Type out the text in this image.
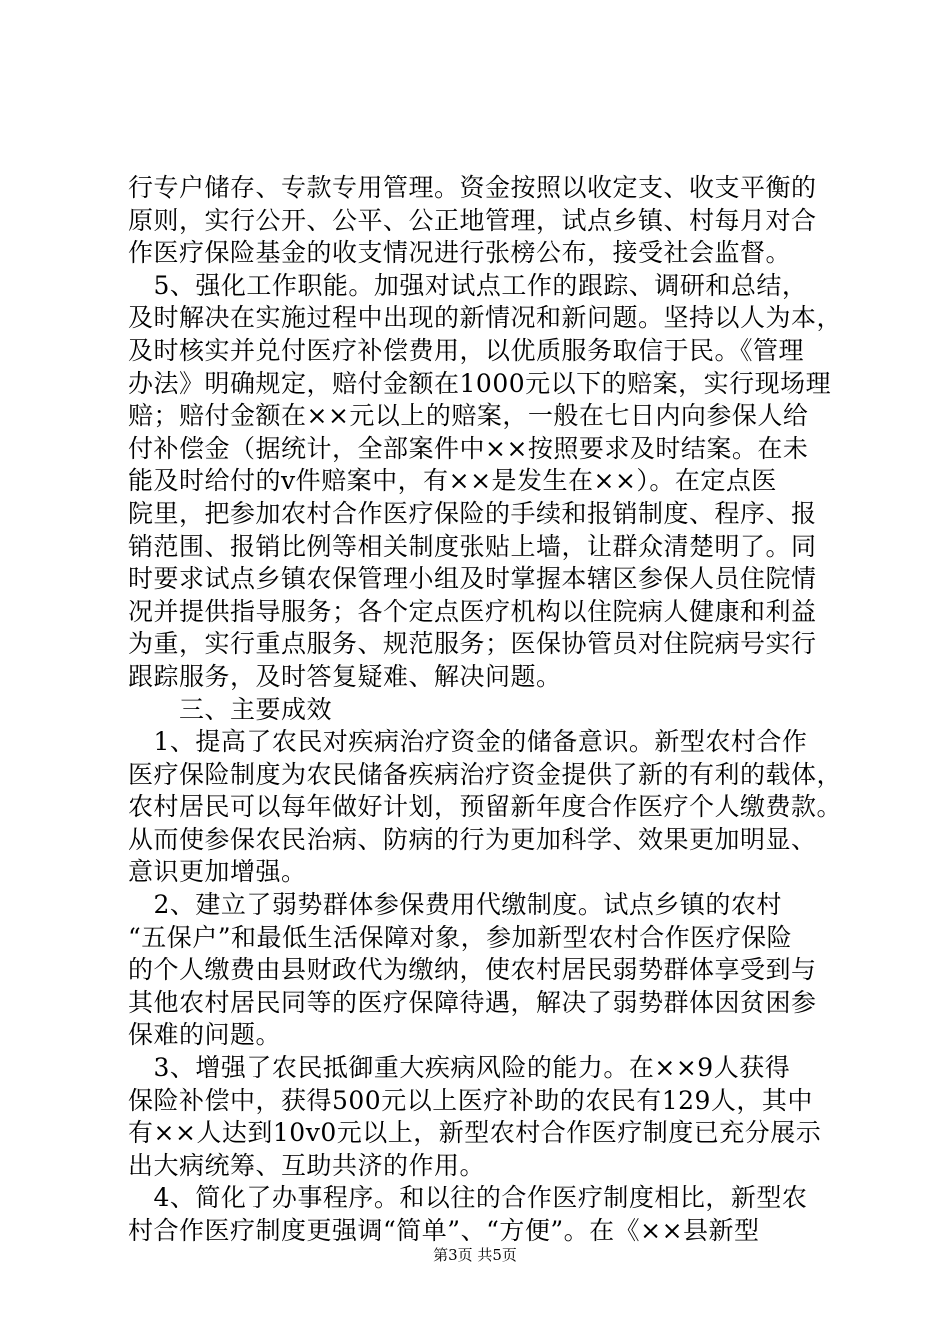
行专户储存、专款专用管理。资金按照以收定支、收支平衡的
原则，实行公开、公平、公正地管理，试点乡镇、村每月对合
作医疗保险基金的收支情况进行张榜公布，接受社会监督。
　5、强化工作职能。加强对试点工作的跟踪、调研和总结，
及时解决在实施过程中出现的新情况和新问题。坚持以人为本，
及时核实并兑付医疗补偿费用，以优质服务取信于民。《管理
办法》明确规定，赔付金额在1000元以下的赔案，实行现场理
赔；赔付金额在××元以上的赔案，一般在七日内向参保人给
付补偿金（据统计，全部案件中××按照要求及时结案。在未
能及时给付的v件赔案中，有××是发生在××）。在定点医
院里，把参加农村合作医疗保险的手续和报销制度、程序、报
销范围、报销比例等相关制度张贴上墙，让群众清楚明了。同
时要求试点乡镇农保管理小组及时掌握本辖区参保人员住院情
况并提供指导服务；各个定点医疗机构以住院病人健康和利益
为重，实行重点服务、规范服务；医保协管员对住院病号实行
跟踪服务，及时答复疑难、解决问题。
　　三、主要成效
　1、提高了农民对疾病治疗资金的储备意识。新型农村合作
医疗保险制度为农民储备疾病治疗资金提供了新的有利的载体，
农村居民可以每年做好计划，预留新年度合作医疗个人缴费款。
从而使参保农民治病、防病的行为更加科学、效果更加明显、
意识更加增强。
　2、建立了弱势群体参保费用代缴制度。试点乡镇的农村
“五保户”和最低生活保障对象，参加新型农村合作医疗保险
的个人缴费由县财政代为缴纳，使农村居民弱势群体享受到与
其他农村居民同等的医疗保障待遇，解决了弱势群体因贫困参
保难的问题。
　3、增强了农民抵御重大疾病风险的能力。在××9人获得
保险补偿中，获得500元以上医疗补助的农民有129人，其中
有××人达到10v0元以上，新型农村合作医疗制度已充分展示
出大病统筹、互助共济的作用。
　4、简化了办事程序。和以往的合作医疗制度相比，新型农
村合作医疗制度更强调“简单”、“方便”。在《××县新型
第3页 共5页
